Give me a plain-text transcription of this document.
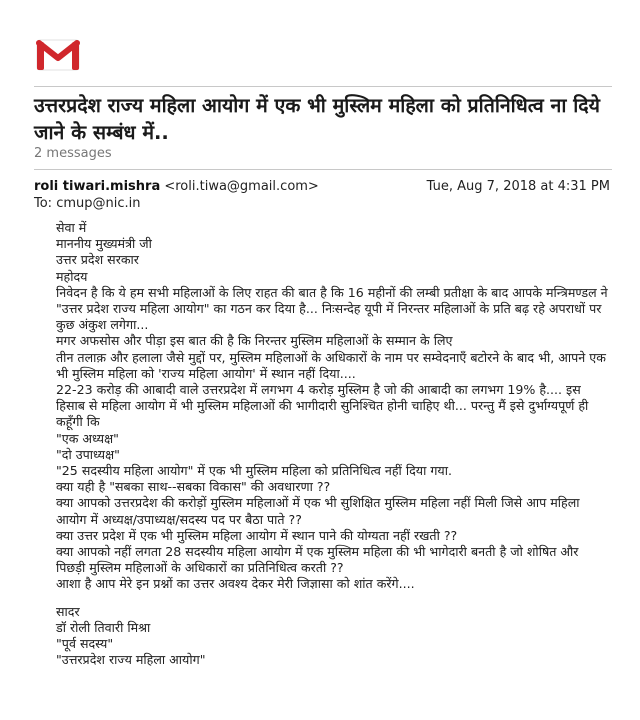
उत्तरप्रदेश राज्य महिला आयोग में एक भी मुस्लिम महिला को प्रतिनिधित्व ना दिये जाने के सम्बंध में..
2 messages
roli tiwari.mishra <roli.tiwa@gmail.com>	Tue, Aug 7, 2018 at 4:31 PM
To: cmup@nic.in
सेवा में
माननीय मुख्यमंत्री जी
उत्तर प्रदेश सरकार
महोदय
निवेदन है कि ये हम सभी महिलाओं के लिए राहत की बात है कि 16 महीनों की लम्बी प्रतीक्षा के बाद आपके मन्त्रिमण्डल ने
"उत्तर प्रदेश राज्य महिला आयोग" का गठन कर दिया है... निःसन्देह यूपी में निरन्तर महिलाओं के प्रति बढ़ रहे अपराधों पर
कुछ अंकुश लगेगा...
मगर अफसोस और पीड़ा इस बात की है कि निरन्तर मुस्लिम महिलाओं के सम्मान के लिए
तीन तलाक़ और हलाला जैसे मुद्दों पर, मुस्लिम महिलाओं के अधिकारों के नाम पर सम्वेदनाएँ बटोरने के बाद भी, आपने एक
भी मुस्लिम महिला को 'राज्य महिला आयोग' में स्थान नहीं दिया....
22-23 करोड़ की आबादी वाले उत्तरप्रदेश में लगभग 4 करोड़ मुस्लिम है जो की आबादी का लगभग 19% है.... इस
हिसाब से महिला आयोग में भी मुस्लिम महिलाओं की भागीदारी सुनिश्चित होनी चाहिए थी... परन्तु मैं इसे दुर्भाग्यपूर्ण ही
कहूँगी कि
"एक अध्यक्ष"
"दो उपाध्यक्ष"
"25 सदस्यीय महिला आयोग" में एक भी मुस्लिम महिला को प्रतिनिधित्व नहीं दिया गया.
क्या यही है "सबका साथ--सबका विकास" की अवधारणा ??
क्या आपको उत्तरप्रदेश की करोड़ों मुस्लिम महिलाओं में एक भी सुशिक्षित मुस्लिम महिला नहीं मिली जिसे आप महिला
आयोग में अध्यक्ष/उपाध्यक्ष/सदस्य पद पर बैठा पाते ??
क्या उत्तर प्रदेश में एक भी मुस्लिम महिला आयोग में स्थान पाने की योग्यता नहीं रखती ??
क्या आपको नहीं लगता 28 सदस्यीय महिला आयोग में एक मुस्लिम महिला की भी भागेदारी बनती है जो शोषित और
पिछड़ी मुस्लिम महिलाओं के अधिकारों का प्रतिनिधित्व करती ??
आशा है आप मेरे इन प्रश्नों का उत्तर अवश्य देकर मेरी जिज्ञासा को शांत करेंगे....
सादर
डॉ रोली तिवारी मिश्रा
"पूर्व सदस्य"
"उत्तरप्रदेश राज्य महिला आयोग"
